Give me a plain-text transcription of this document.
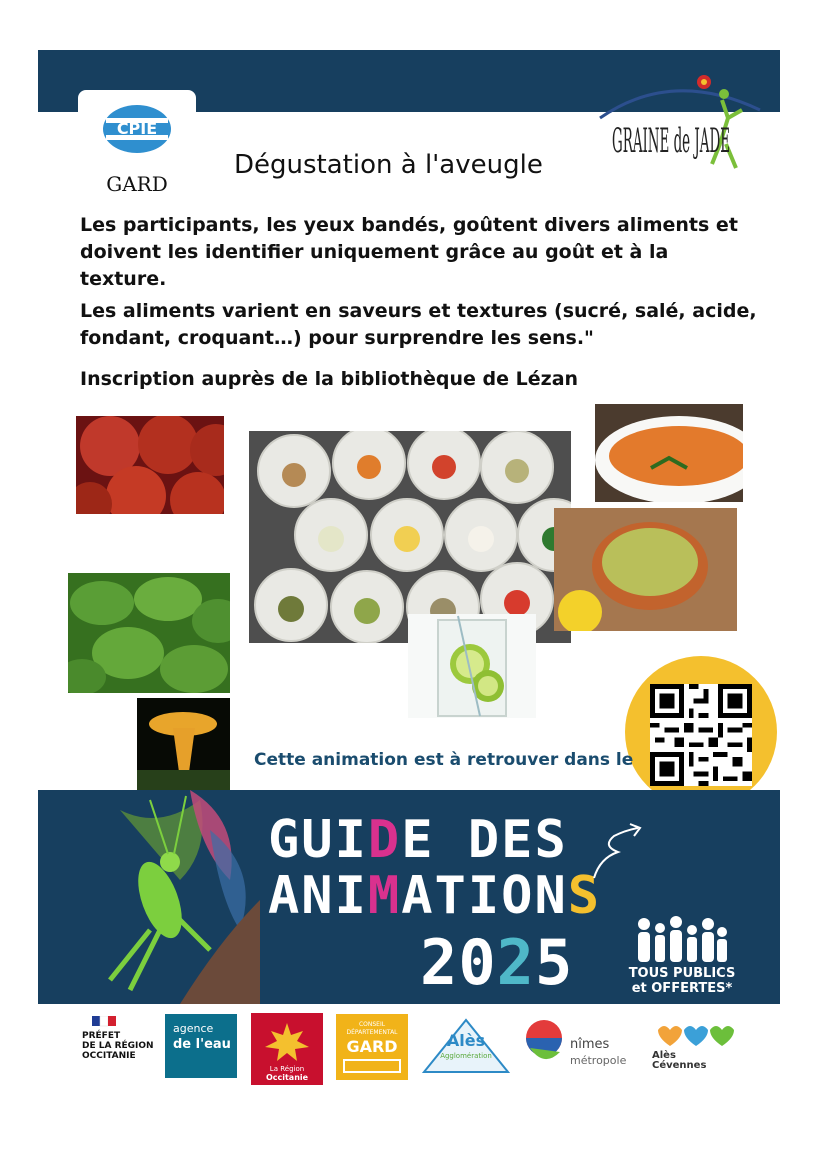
CPIE
GARD
Dégustation à l'aveugle
GRAINE de JADE
Les participants, les yeux bandés, goûtent divers aliments et doivent les identifier uniquement grâce au goût et à la texture.
Les aliments varient en saveurs et textures (sucré, salé, acide, fondant, croquant…) pour surprendre les sens."
Inscription auprès de la bibliothèque de Lézan
Cette animation est à retrouver dans le
GUIDE DES
ANIMATIONS
2025	TOUS PUBLICS
et OFFERTES*
PRÉFET
DE LA RÉGION
OCCITANIE
agence
de l'eau
La Région
Occitanie
CONSEIL
DÉPARTEMENTAL
GARD	Alès
Agglomération
nîmes
métropole	Alès
Cévennes
